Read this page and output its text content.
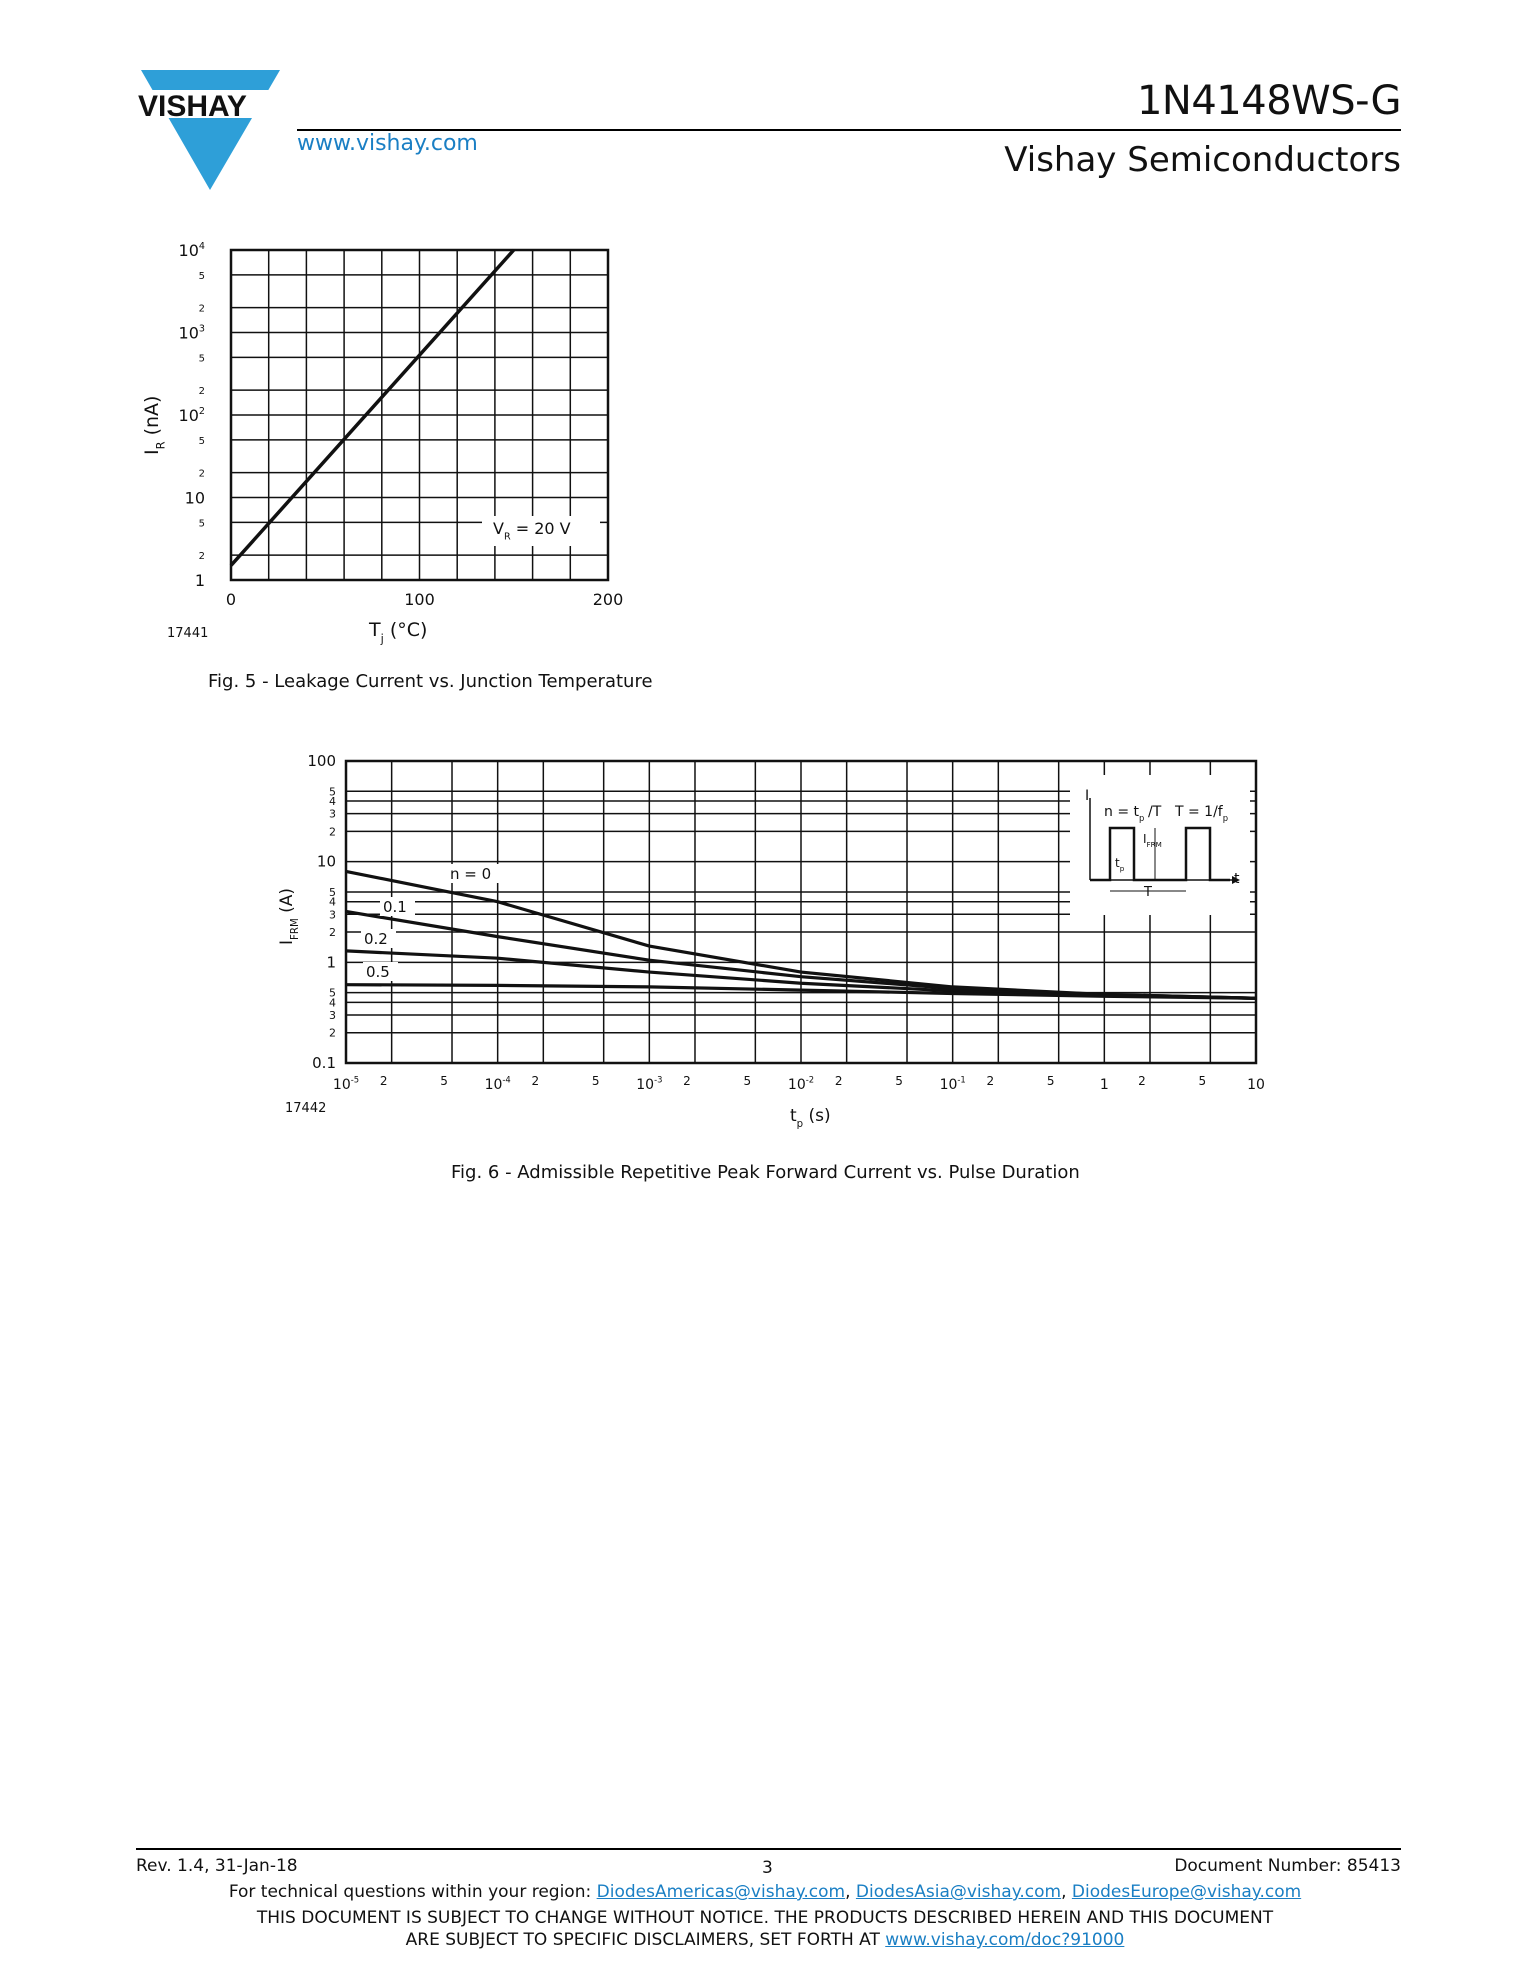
VISHAY
www.vishay.com
1N4148WS-G
Vishay Semiconductors
$V_R = 20$ V
$10^4$
$10^3$
$10^2$
10
1
5
2
5
2
5
2
5
2
0	100	200
$T_j$ (°C)
$I_R$ (nA)
I
/T
t
T
$n = t_p$ $T = 1/f_p$
$I_{FRM}$
$t_p$
n = 0
0.1
0.2
0.5
100
10
1
0.1
5
4
3
2
5
4
3
2
5
4
3
2
$10^{-5}$	$10^{-4}$	$10^{-3}$	$10^{-2}$	$10^{-1}$	1	10
2	5	2	5	2	5	2	5	2	5	2	5
$t_p$ (s)
$I_{FRM}$ (A)
17441
Fig. 5 - Leakage Current vs. Junction Temperature
17442
Fig. 6 - Admissible Repetitive Peak Forward Current vs. Pulse Duration
Rev. 1.4, 31-Jan-18	3	Document Number: 85413
For technical questions within your region: DiodesAmericas@vishay.com, DiodesAsia@vishay.com, DiodesEurope@vishay.com
THIS DOCUMENT IS SUBJECT TO CHANGE WITHOUT NOTICE. THE PRODUCTS DESCRIBED HEREIN AND THIS DOCUMENT
ARE SUBJECT TO SPECIFIC DISCLAIMERS, SET FORTH AT www.vishay.com/doc?91000
